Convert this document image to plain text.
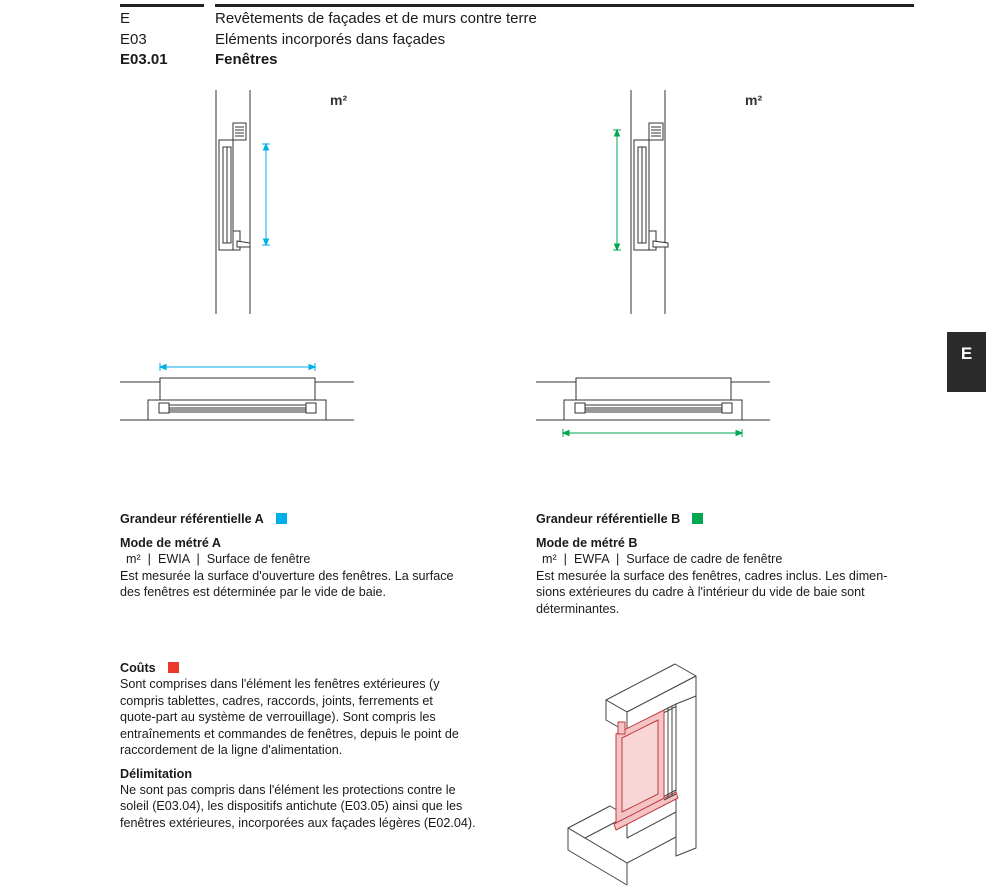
E	Revêtements de façades et de murs contre terre
E03	Eléments incorporés dans façades
E03.01	Fenêtres
m²	m²
E
Grandeur référentielle A
Mode de métré A
m²  |  EWIA  |  Surface de fenêtre
Est mesurée la surface d'ouverture des fenêtres. La surface
des fenêtres est déterminée par le vide de baie.
Grandeur référentielle B
Mode de métré B
m²  |  EWFA  |  Surface de cadre de fenêtre
Est mesurée la surface des fenêtres, cadres inclus. Les dimen-
sions extérieures du cadre à l'intérieur du vide de baie sont
déterminantes.
Coûts
Sont comprises dans l'élément les fenêtres extérieures (y
compris tablettes, cadres, raccords, joints, ferrements et
quote-part au système de verrouillage). Sont compris les
entraînements et commandes de fenêtres, depuis le point de
raccordement de la ligne d'alimentation.
Délimitation
Ne sont pas compris dans l'élément les protections contre le
soleil (E03.04), les dispositifs antichute (E03.05) ainsi que les
fenêtres extérieures, incorporées aux façades légères (E02.04).
